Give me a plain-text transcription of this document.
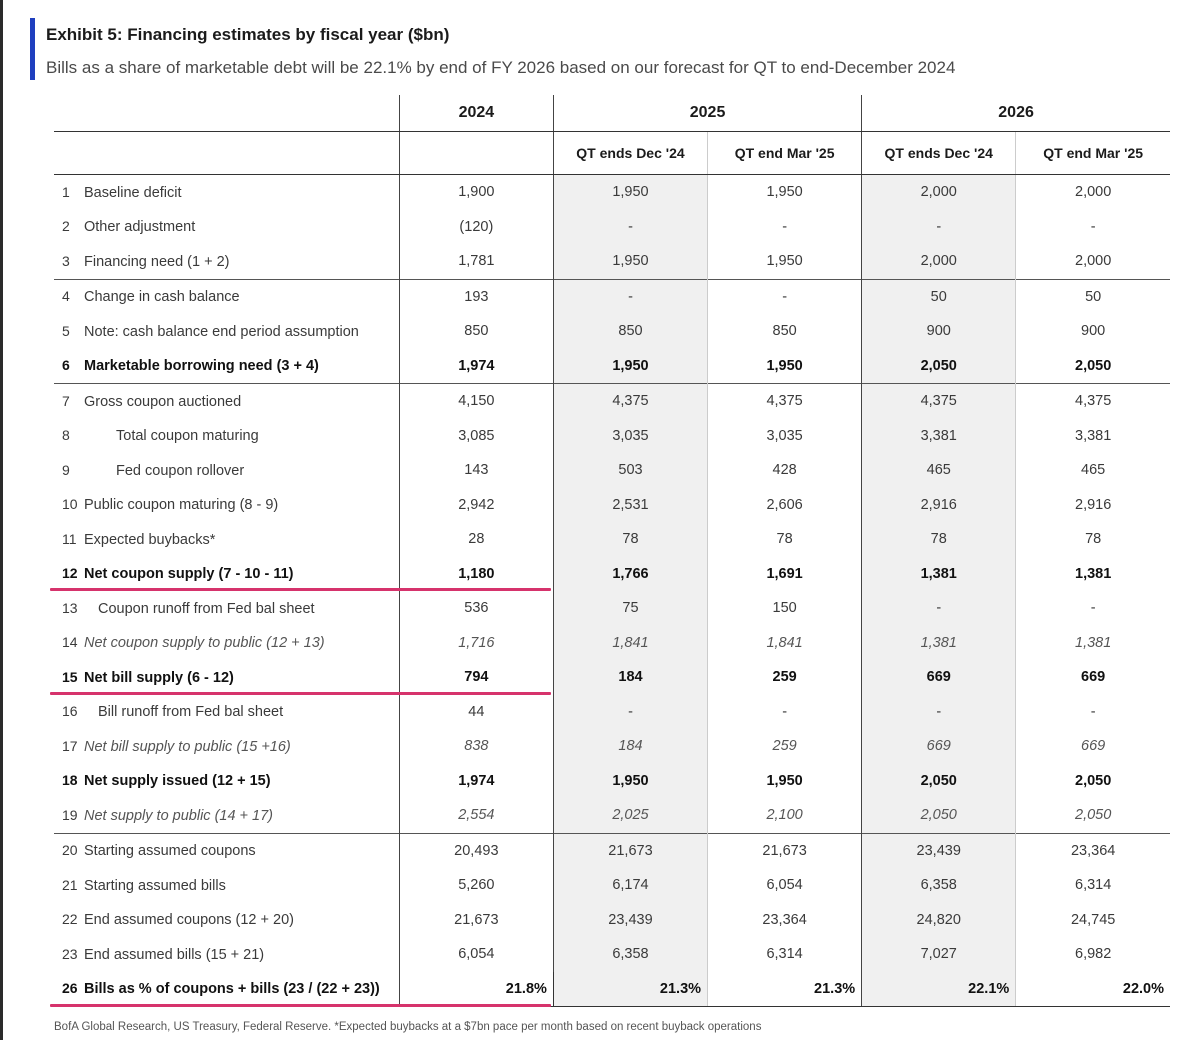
Exhibit 5: Financing estimates by fiscal year ($bn)
Bills as a share of marketable debt will be 22.1% by end of FY 2026 based on our forecast for QT to end-December 2024
	2024	2025		2026	
		QT ends Dec '24	QT end Mar '25	QT ends Dec '24	QT end Mar '25
1 Baseline deficit	1,900	1,950	1,950	2,000	2,000
2 Other adjustment	(120)	-	-	-	-
3 Financing need (1 + 2)	1,781	1,950	1,950	2,000	2,000
4 Change in cash balance	193	-	-	50	50
5 Note: cash balance end period assumption	850	850	850	900	900
6 Marketable borrowing need (3 + 4)	1,974	1,950	1,950	2,050	2,050
7 Gross coupon auctioned	4,150	4,375	4,375	4,375	4,375
8 Total coupon maturing	3,085	3,035	3,035	3,381	3,381
9 Fed coupon rollover	143	503	428	465	465
10 Public coupon maturing (8 - 9)	2,942	2,531	2,606	2,916	2,916
11 Expected buybacks*	28	78	78	78	78
12 Net coupon supply (7 - 10 - 11)	1,180	1,766	1,691	1,381	1,381
13 Coupon runoff from Fed bal sheet	536	75	150	-	-
14 Net coupon supply to public (12 + 13)	1,716	1,841	1,841	1,381	1,381
15 Net bill supply (6 - 12)	794	184	259	669	669
16 Bill runoff from Fed bal sheet	44	-	-	-	-
17 Net bill supply to public (15 +16)	838	184	259	669	669
18 Net supply issued (12 + 15)	1,974	1,950	1,950	2,050	2,050
19 Net supply to public (14 + 17)	2,554	2,025	2,100	2,050	2,050
20 Starting assumed coupons	20,493	21,673	21,673	23,439	23,364
21 Starting assumed bills	5,260	6,174	6,054	6,358	6,314
22 End assumed coupons (12 + 20)	21,673	23,439	23,364	24,820	24,745
23 End assumed bills (15 + 21)	6,054	6,358	6,314	7,027	6,982
26 Bills as % of coupons + bills (23 / (22 + 23))	21.8%	21.3%	21.3%	22.1%	22.0%
BofA Global Research, US Treasury, Federal Reserve. *Expected buybacks at a $7bn pace per month based on recent buyback operations
